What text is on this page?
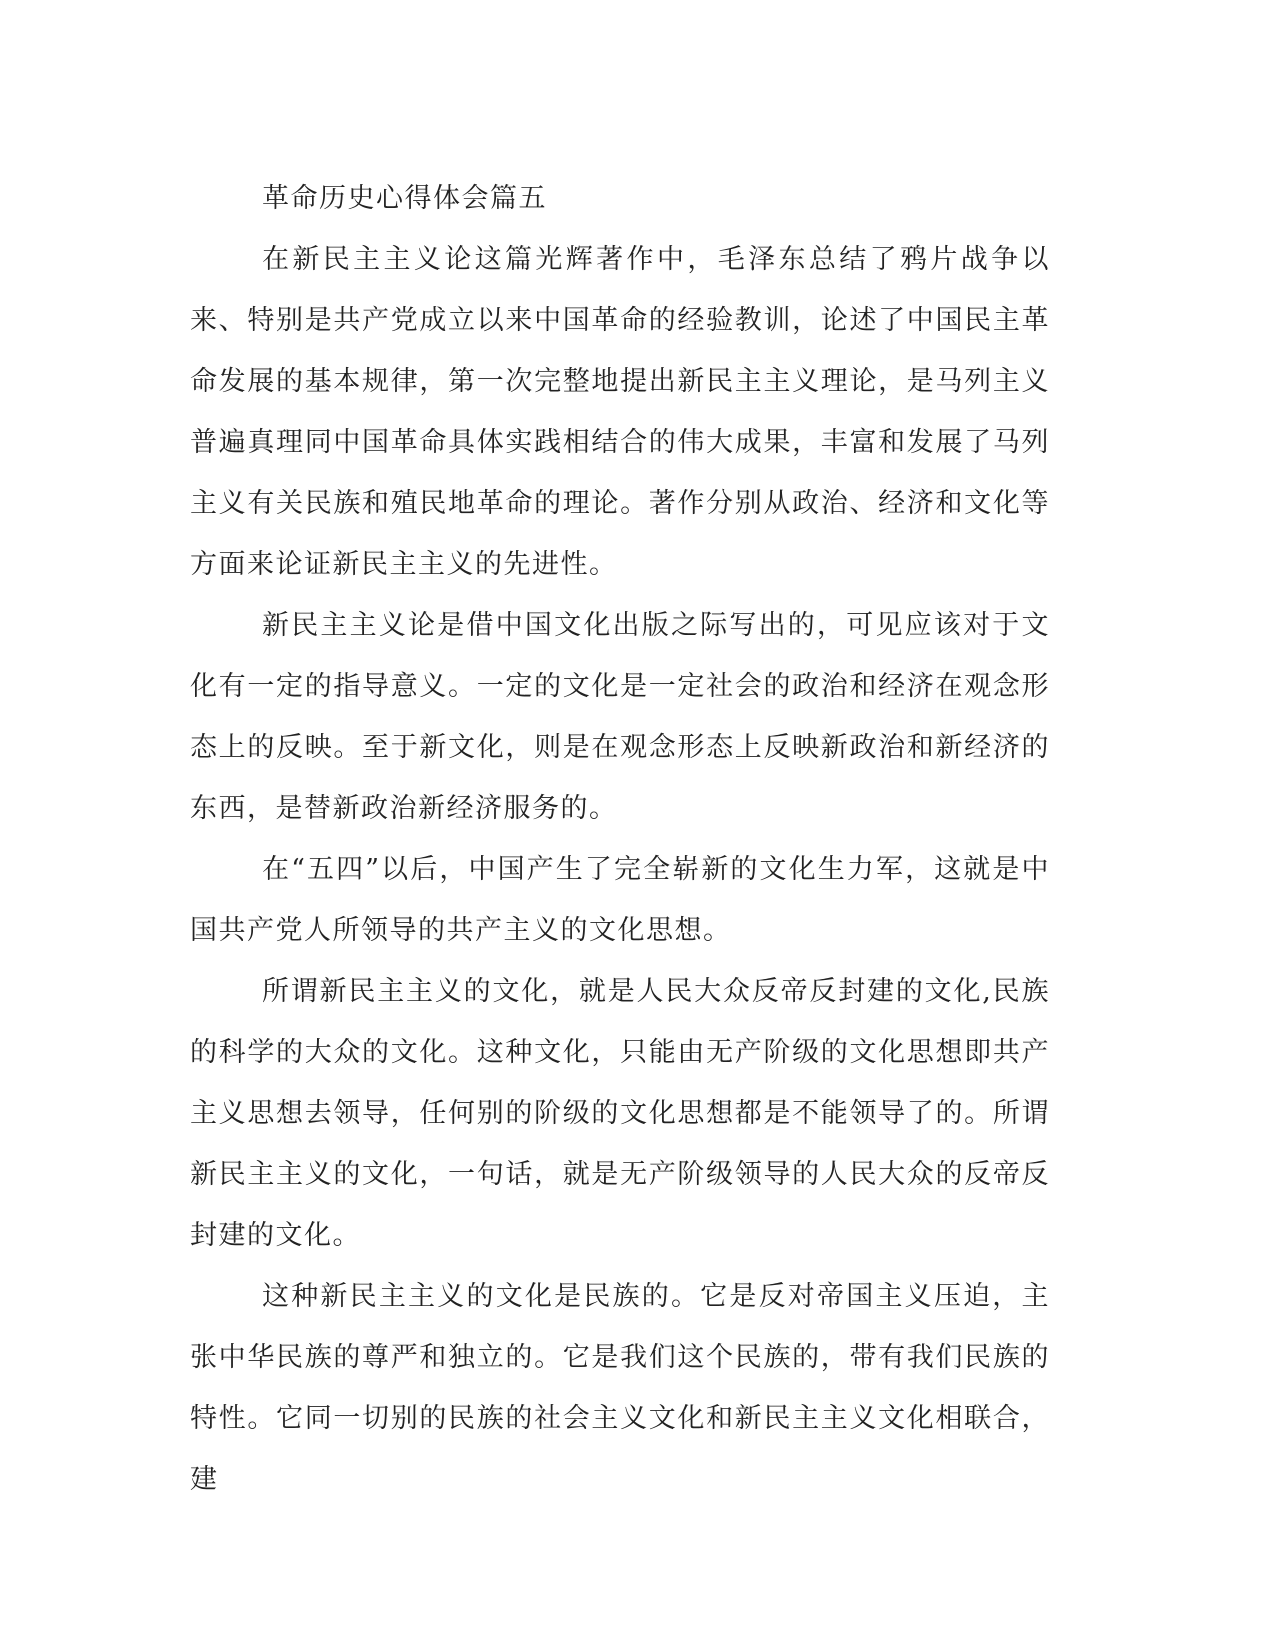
革命历史心得体会篇五

在新民主主义论这篇光辉著作中，毛泽东总结了鸦片战争以来、特别是共产党成立以来中国革命的经验教训，论述了中国民主革命发展的基本规律，第一次完整地提出新民主主义理论，是马列主义普遍真理同中国革命具体实践相结合的伟大成果，丰富和发展了马列主义有关民族和殖民地革命的理论。著作分别从政治、经济和文化等方面来论证新民主主义的先进性。

新民主主义论是借中国文化出版之际写出的，可见应该对于文化有一定的指导意义。一定的文化是一定社会的政治和经济在观念形态上的反映。至于新文化，则是在观念形态上反映新政治和新经济的东西，是替新政治新经济服务的。

在“五四”以后，中国产生了完全崭新的文化生力军，这就是中国共产党人所领导的共产主义的文化思想。

所谓新民主主义的文化，就是人民大众反帝反封建的文化,民族的科学的大众的文化。这种文化，只能由无产阶级的文化思想即共产主义思想去领导，任何别的阶级的文化思想都是不能领导了的。所谓新民主主义的文化，一句话，就是无产阶级领导的人民大众的反帝反封建的文化。

这种新民主主义的文化是民族的。它是反对帝国主义压迫，主张中华民族的尊严和独立的。它是我们这个民族的，带有我们民族的特性。它同一切别的民族的社会主义文化和新民主主义文化相联合，建
